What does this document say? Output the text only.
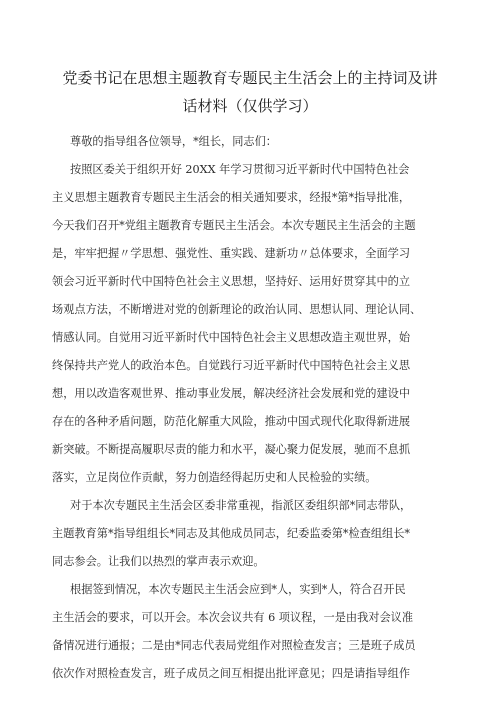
党委书记在思想主题教育专题民主生活会上的主持词及讲
话材料（仅供学习）
尊敬的指导组各位领导，*组长，同志们：
按照区委关于组织开好 20XX 年学习贯彻习近平新时代中国特色社会
主义思想主题教育专题民主生活会的相关通知要求，经报*第*指导批准，
今天我们召开*党组主题教育专题民主生活会。本次专题民主生活会的主题
是，牢牢把握〃学思想、强党性、重实践、建新功〃总体要求，全面学习
领会习近平新时代中国特色社会主义思想，坚持好、运用好贯穿其中的立
场观点方法，不断增进对党的创新理论的政治认同、思想认同、理论认同、
情感认同。自觉用习近平新时代中国特色社会主义思想改造主观世界，始
终保持共产党人的政治本色。自觉践行习近平新时代中国特色社会主义思
想，用以改造客观世界、推动事业发展，解决经济社会发展和党的建设中
存在的各种矛盾问题，防范化解重大风险，推动中国式现代化取得新进展
新突破。不断提高履职尽责的能力和水平，凝心聚力促发展，驰而不息抓
落实，立足岗位作贡献，努力创造经得起历史和人民检验的实绩。
对于本次专题民主生活会区委非常重视，指派区委组织部*同志带队，
主题教育第*指导组组长*同志及其他成员同志，纪委监委第*检查组组长*
同志参会。让我们以热烈的掌声表示欢迎。
根据签到情况，本次专题民主生活会应到*人，实到*人，符合召开民
主生活会的要求，可以开会。本次会议共有 6 项议程，一是由我对会议准
备情况进行通报；二是由*同志代表局党组作对照检查发言；三是班子成员
依次作对照检查发言，班子成员之间互相提出批评意见；四是请指导组作
